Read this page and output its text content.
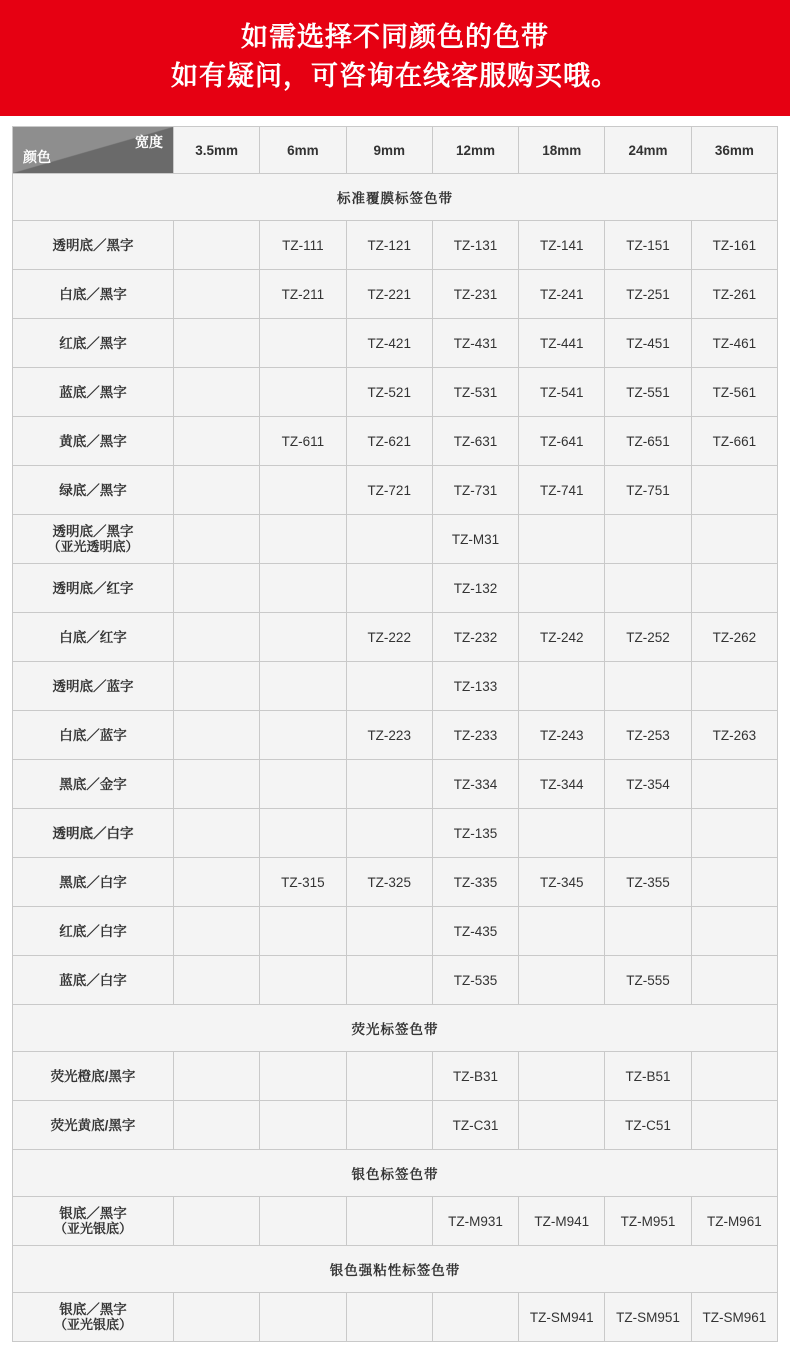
如需选择不同颜色的色带
如有疑问，可咨询在线客服购买哦。
宽度
颜色	3.5mm	6mm	9mm	12mm	18mm	24mm	36mm
标准覆膜标签色带							
透明底／黑字		TZ-111	TZ-121	TZ-131	TZ-141	TZ-151	TZ-161
白底／黑字		TZ-211	TZ-221	TZ-231	TZ-241	TZ-251	TZ-261
红底／黑字			TZ-421	TZ-431	TZ-441	TZ-451	TZ-461
蓝底／黑字			TZ-521	TZ-531	TZ-541	TZ-551	TZ-561
黄底／黑字		TZ-611	TZ-621	TZ-631	TZ-641	TZ-651	TZ-661
绿底／黑字			TZ-721	TZ-731	TZ-741	TZ-751	
透明底／黑字
（亚光透明底）				TZ-M31			
透明底／红字				TZ-132			
白底／红字			TZ-222	TZ-232	TZ-242	TZ-252	TZ-262
透明底／蓝字				TZ-133			
白底／蓝字			TZ-223	TZ-233	TZ-243	TZ-253	TZ-263
黑底／金字				TZ-334	TZ-344	TZ-354	
透明底／白字				TZ-135			
黑底／白字		TZ-315	TZ-325	TZ-335	TZ-345	TZ-355	
红底／白字				TZ-435			
蓝底／白字				TZ-535		TZ-555	
荧光标签色带							
荧光橙底/黑字				TZ-B31		TZ-B51	
荧光黄底/黑字				TZ-C31		TZ-C51	
银色标签色带							
银底／黑字
（亚光银底）				TZ-M931	TZ-M941	TZ-M951	TZ-M961
银色强粘性标签色带							
银底／黑字
（亚光银底）					TZ-SM941	TZ-SM951	TZ-SM961
